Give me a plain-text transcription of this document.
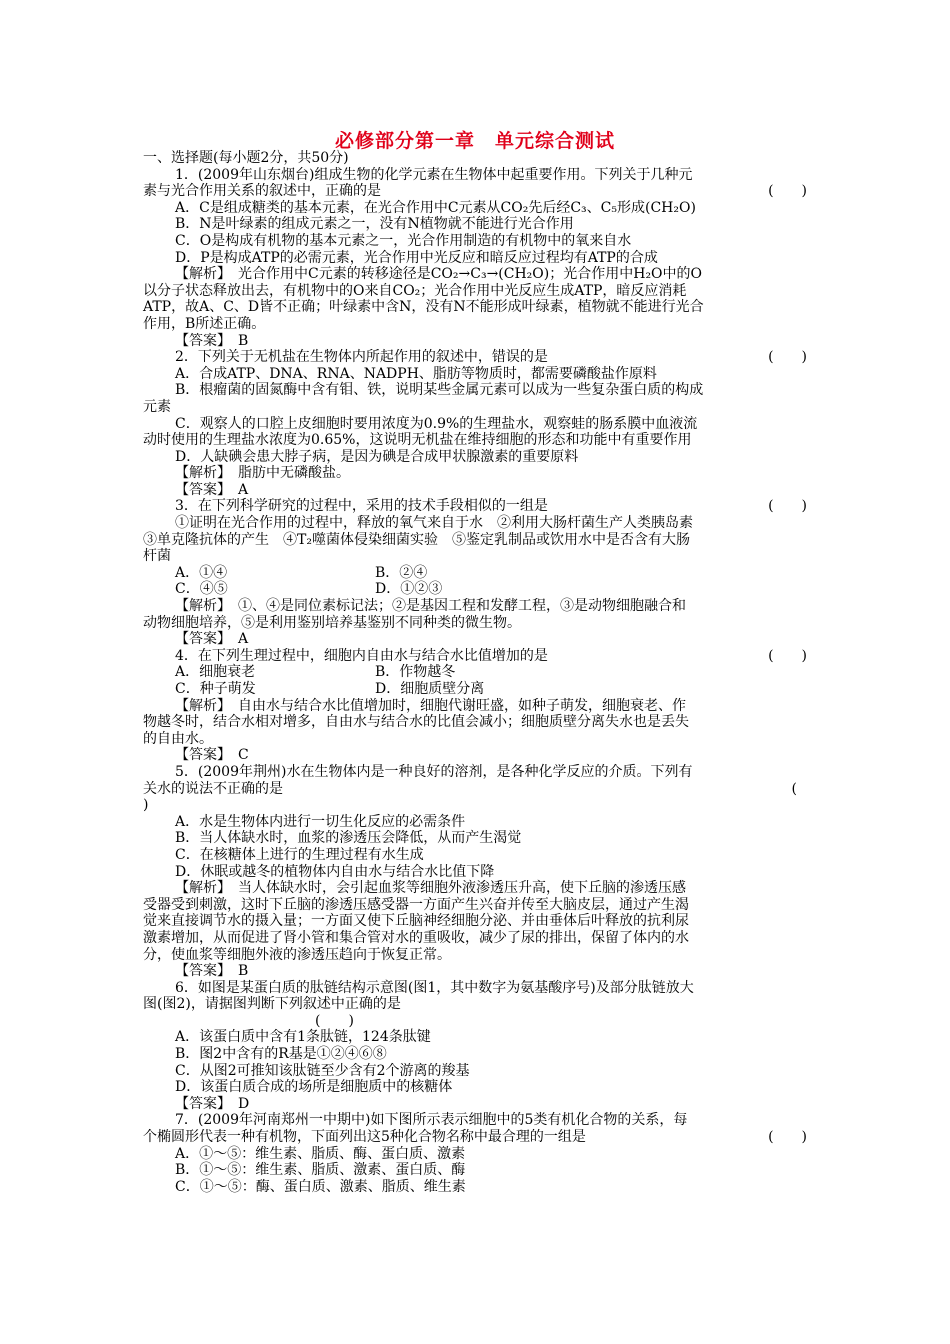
必修部分第一章　单元综合测试
一、选择题(每小题2分，共50分)
1．(2009年山东烟台)组成生物的化学元素在生物体中起重要作用。下列关于几种元
素与光合作用关系的叙述中，正确的是	(　　)
A．C是组成糖类的基本元素，在光合作用中C元素从CO₂先后经C₃、C₅形成(CH₂O)
B．N是叶绿素的组成元素之一，没有N植物就不能进行光合作用
C．O是构成有机物的基本元素之一，光合作用制造的有机物中的氧来自水
D．P是构成ATP的必需元素，光合作用中光反应和暗反应过程均有ATP的合成
【解析】　光合作用中C元素的转移途径是CO₂→C₃→(CH₂O)；光合作用中H₂O中的O
以分子状态释放出去，有机物中的O来自CO₂；光合作用中光反应生成ATP，暗反应消耗
ATP，故A、C、D皆不正确；叶绿素中含N，没有N不能形成叶绿素，植物就不能进行光合
作用，B所述正确。
【答案】　B
2．下列关于无机盐在生物体内所起作用的叙述中，错误的是	(　　)
A．合成ATP、DNA、RNA、NADPH、脂肪等物质时，都需要磷酸盐作原料
B．根瘤菌的固氮酶中含有钼、铁，说明某些金属元素可以成为一些复杂蛋白质的构成
元素
C．观察人的口腔上皮细胞时要用浓度为0.9%的生理盐水，观察蛙的肠系膜中血液流
动时使用的生理盐水浓度为0.65%，这说明无机盐在维持细胞的形态和功能中有重要作用
D．人缺碘会患大脖子病，是因为碘是合成甲状腺激素的重要原料
【解析】　脂肪中无磷酸盐。
【答案】　A
3．在下列科学研究的过程中，采用的技术手段相似的一组是	(　　)
①证明在光合作用的过程中，释放的氧气来自于水　②利用大肠杆菌生产人类胰岛素
③单克隆抗体的产生　④T₂噬菌体侵染细菌实验　⑤鉴定乳制品或饮用水中是否含有大肠
杆菌
A．①④	B．②④
C．④⑤	D．①②③
【解析】　①、④是同位素标记法；②是基因工程和发酵工程，③是动物细胞融合和
动物细胞培养，⑤是利用鉴别培养基鉴别不同种类的微生物。
【答案】　A
4．在下列生理过程中，细胞内自由水与结合水比值增加的是	(　　)
A．细胞衰老	B．作物越冬
C．种子萌发	D．细胞质壁分离
【解析】　自由水与结合水比值增加时，细胞代谢旺盛，如种子萌发，细胞衰老、作
物越冬时，结合水相对增多，自由水与结合水的比值会减小；细胞质壁分离失水也是丢失
的自由水。
【答案】　C
5．(2009年荆州)水在生物体内是一种良好的溶剂，是各种化学反应的介质。下列有
关水的说法不正确的是	(
)
A．水是生物体内进行一切生化反应的必需条件
B．当人体缺水时，血浆的渗透压会降低，从而产生渴觉
C．在核糖体上进行的生理过程有水生成
D．休眠或越冬的植物体内自由水与结合水比值下降
【解析】　当人体缺水时，会引起血浆等细胞外液渗透压升高，使下丘脑的渗透压感
受器受到刺激，这时下丘脑的渗透压感受器一方面产生兴奋并传至大脑皮层，通过产生渴
觉来直接调节水的摄入量；一方面又使下丘脑神经细胞分泌、并由垂体后叶释放的抗利尿
激素增加，从而促进了肾小管和集合管对水的重吸收，减少了尿的排出，保留了体内的水
分，使血浆等细胞外液的渗透压趋向于恢复正常。
【答案】　B
6．如图是某蛋白质的肽链结构示意图(图1，其中数字为氨基酸序号)及部分肽链放大
图(图2)，请据图判断下列叙述中正确的是
(　　)
A．该蛋白质中含有1条肽链，124条肽键
B．图2中含有的R基是①②④⑥⑧
C．从图2可推知该肽链至少含有2个游离的羧基
D．该蛋白质合成的场所是细胞质中的核糖体
【答案】　D
7．(2009年河南郑州一中期中)如下图所示表示细胞中的5类有机化合物的关系，每
个椭圆形代表一种有机物，下面列出这5种化合物名称中最合理的一组是	(　　)
A．①～⑤：维生素、脂质、酶、蛋白质、激素
B．①～⑤：维生素、脂质、激素、蛋白质、酶
C．①～⑤：酶、蛋白质、激素、脂质、维生素
